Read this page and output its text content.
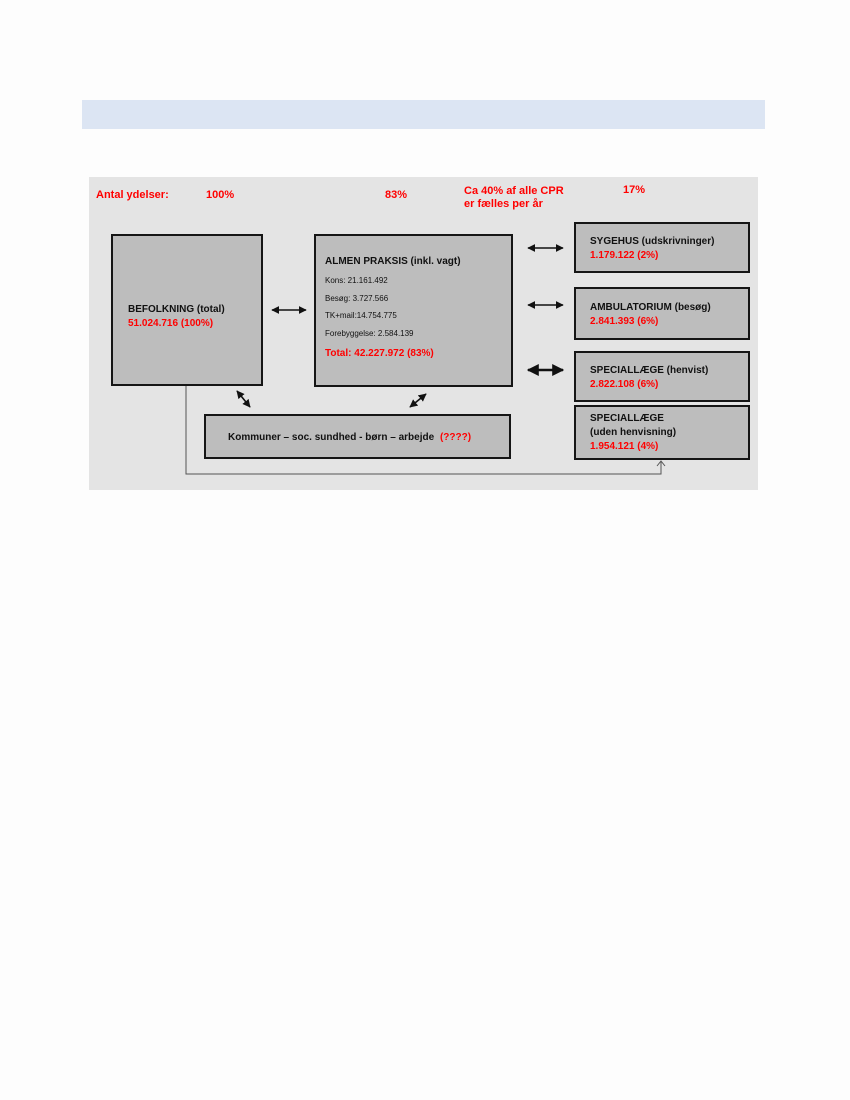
Antal ydelser:	100%	83%	Ca 40% af alle CPR
er fælles per år
17%
BEFOLKNING (total)
51.024.716 (100%)
ALMEN PRAKSIS (inkl. vagt)
Kons: 21.161.492
Besøg: 3.727.566
TK+mail:14.754.775
Forebyggelse: 2.584.139
Total: 42.227.972 (83%)
SYGEHUS (udskrivninger)
1.179.122 (2%)
AMBULATORIUM (besøg)
2.841.393 (6%)
SPECIALLÆGE (henvist)
2.822.108 (6%)
SPECIALLÆGE
(uden henvisning)
1.954.121 (4%)
Kommuner – soc. sundhed - børn – arbejde (????)
